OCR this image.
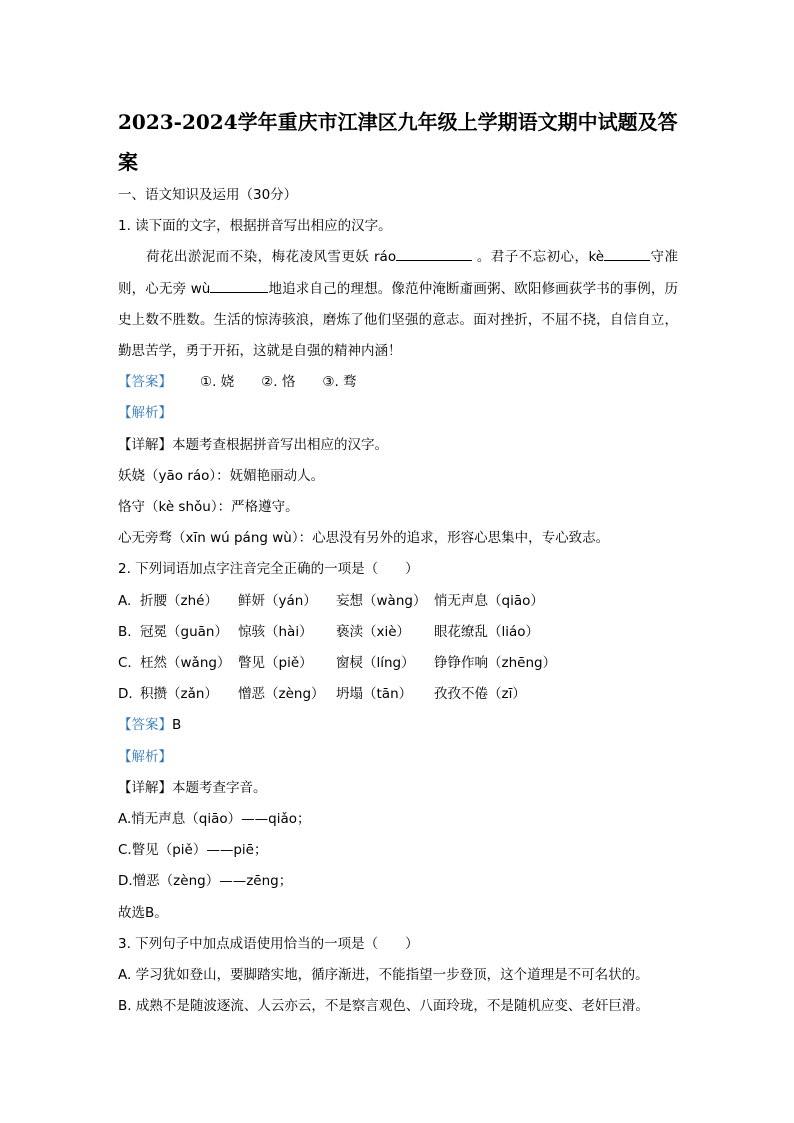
2023-2024学年重庆市江津区九年级上学期语文期中试题及答案
一、语文知识及运用（30分）
1. 读下面的文字，根据拼音写出相应的汉字。
荷花出淤泥而不染，梅花凌风雪更妖 ráo	。君子不忘初心，kè	守准则，心无旁 wù	地追求自己的理想。像范仲淹断齑画粥、欧阳修画荻学书的事例，历史上数不胜数。生活的惊涛骇浪，磨炼了他们坚强的意志。面对挫折，不屈不挠，自信自立，勤思苦学，勇于开拓，这就是自强的精神内涵！
【答案】 ①. 娆　　②. 恪　　③. 骛
【解析】
【详解】本题考查根据拼音写出相应的汉字。
妖娆（yāo ráo）：妩媚艳丽动人。
恪守（kè shǒu）：严格遵守。
心无旁骛（xīn wú páng wù）：心思没有另外的追求，形容心思集中，专心致志。
2. 下列词语加点字注音完全正确的一项是（　　）
A. 折腰（zhé）	鲜妍（yán）	妄想（wàng） 悄无声息（qiāo）
B. 冠冕（guān） 惊骇（hài）	亵渎（xiè）	眼花缭乱（liáo）
C. 枉然（wǎng） 瞥见（piě）	窗棂（líng）	铮铮作响（zhēng）
D. 积攒（zǎn）	憎恶（zèng） 坍塌（tān）	孜孜不倦（zī）
【答案】B
【解析】
【详解】本题考查字音。
A.悄无声息（qiāo）——qiǎo；
C.瞥见（piě）——piē；
D.憎恶（zèng）——zēng；
故选B。
3. 下列句子中加点成语使用恰当的一项是（　　）
A. 学习犹如登山，要脚踏实地，循序渐进，不能指望一步登顶，这个道理是不可名状的。
B. 成熟不是随波逐流、人云亦云，不是察言观色、八面玲珑，不是随机应变、老奸巨滑。
